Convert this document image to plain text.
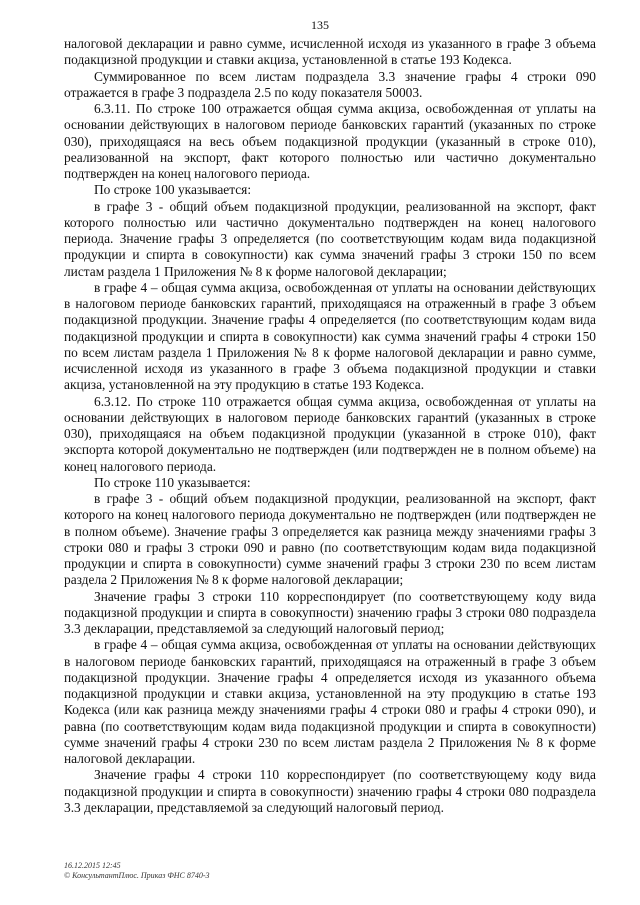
135

налоговой декларации и равно сумме, исчисленной исходя из указанного в графе 3 объема подакцизной продукции и ставки акциза, установленной в статье 193 Кодекса.

Суммированное по всем листам подраздела 3.3 значение графы 4 строки 090 отражается в графе 3 подраздела 2.5 по коду показателя 50003.

6.3.11. По строке 100 отражается общая сумма акциза, освобожденная от уплаты на основании действующих в налоговом периоде банковских гарантий (указанных по строке 030), приходящаяся на весь объем подакцизной продукции (указанный в строке 010), реализованной на экспорт, факт которого полностью или частично документально подтвержден на конец налогового периода.

По строке 100 указывается:

в графе 3 - общий объем подакцизной продукции, реализованной на экспорт, факт которого полностью или частично документально подтвержден на конец налогового периода. Значение графы 3 определяется (по соответствующим кодам вида подакцизной продукции и спирта в совокупности) как сумма значений графы 3 строки 150 по всем листам раздела 1 Приложения № 8 к форме налоговой декларации;

в графе 4 – общая сумма акциза, освобожденная от уплаты на основании действующих в налоговом периоде банковских гарантий, приходящаяся на отраженный в графе 3 объем подакцизной продукции. Значение графы 4 определяется (по соответствующим кодам вида подакцизной продукции и спирта в совокупности) как сумма значений графы 4 строки 150 по всем листам раздела 1 Приложения № 8 к форме налоговой декларации и равно сумме, исчисленной исходя из указанного в графе 3 объема подакцизной продукции и ставки акциза, установленной на эту продукцию в статье 193 Кодекса.

6.3.12. По строке 110 отражается общая сумма акциза, освобожденная от уплаты на основании действующих в налоговом периоде банковских гарантий (указанных в строке 030), приходящаяся на объем подакцизной продукции (указанной в строке 010), факт экспорта которой документально не подтвержден (или подтвержден не в полном объеме) на конец налогового периода.

По строке 110 указывается:

в графе 3 - общий объем подакцизной продукции, реализованной на экспорт, факт которого на конец налогового периода документально не подтвержден (или подтвержден не в полном объеме). Значение графы 3 определяется как разница между значениями графы 3 строки 080 и графы 3 строки 090 и равно (по соответствующим кодам вида подакцизной продукции и спирта в совокупности) сумме значений графы 3 строки 230 по всем листам раздела 2 Приложения № 8 к форме налоговой декларации;

Значение графы 3 строки 110 корреспондирует (по соответствующему коду вида подакцизной продукции и спирта в совокупности) значению графы 3 строки 080 подраздела 3.3 декларации, представляемой за следующий налоговый период;

в графе 4 – общая сумма акциза, освобожденная от уплаты на основании действующих в налоговом периоде банковских гарантий, приходящаяся на отраженный в графе 3 объем подакцизной продукции. Значение графы 4 определяется исходя из указанного объема подакцизной продукции и ставки акциза, установленной на эту продукцию в статье 193 Кодекса (или как разница между значениями графы 4 строки 080 и графы 4 строки 090), и равна (по соответствующим кодам вида подакцизной продукции и спирта в совокупности) сумме значений графы 4 строки 230 по всем листам раздела 2 Приложения № 8 к форме налоговой декларации.

Значение графы 4 строки 110 корреспондирует (по соответствующему коду вида подакцизной продукции и спирта в совокупности) значению графы 4 строки 080 подраздела 3.3 декларации, представляемой за следующий налоговый период.

16.12.2015 12:45
© КонсультантПлюс. Приказ ФНС 8740-3
